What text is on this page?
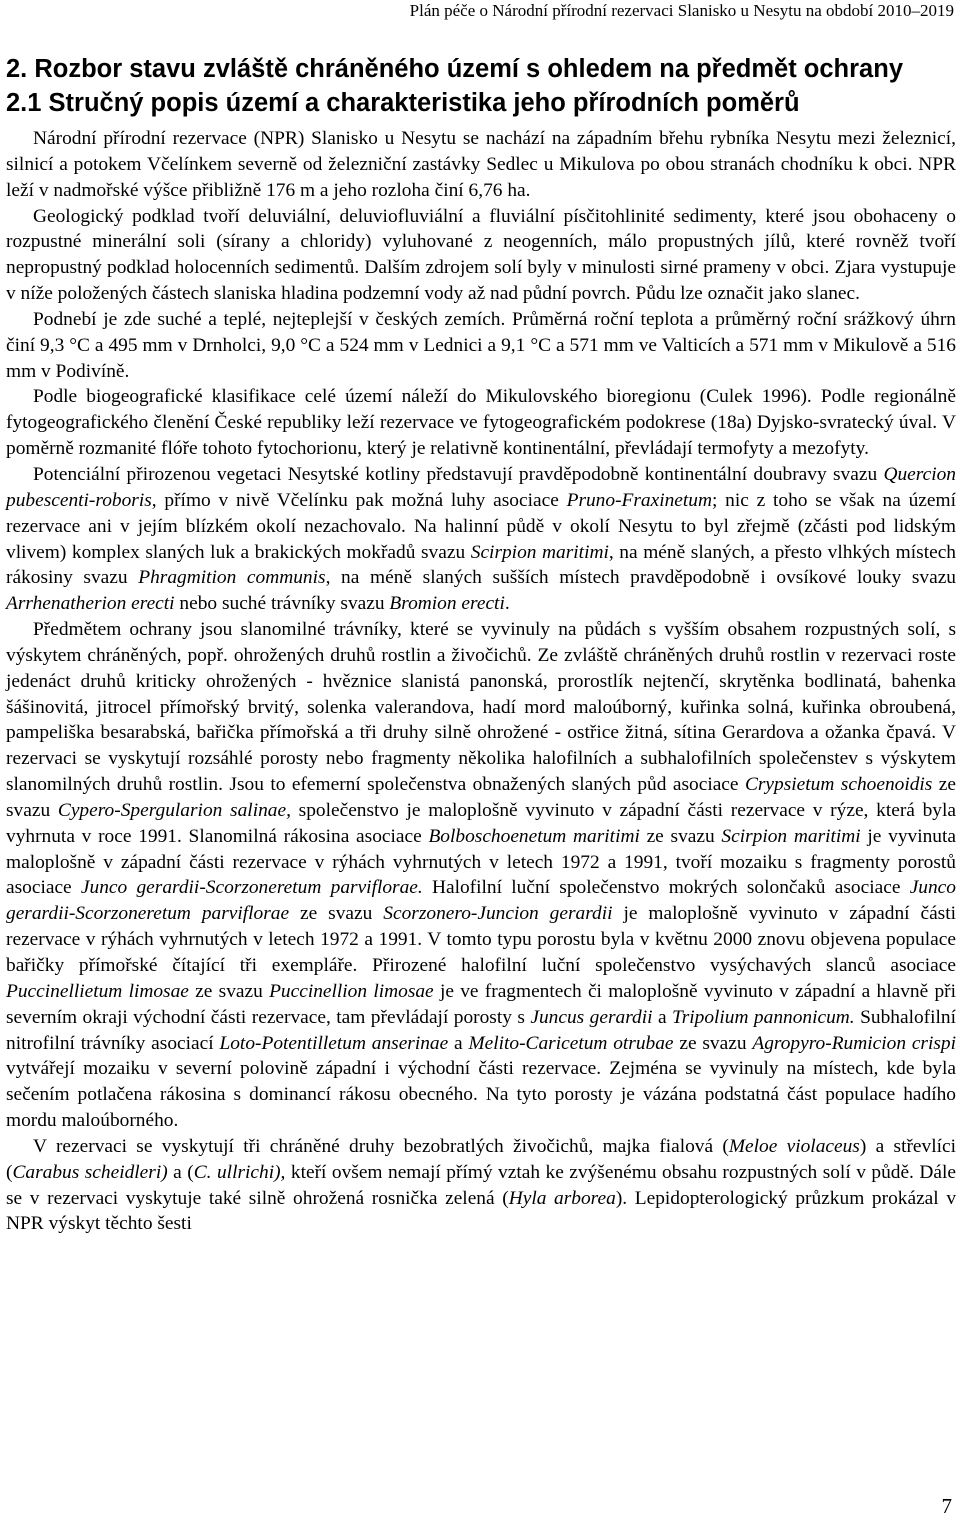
Plán péče o Národní přírodní rezervaci Slanisko u Nesytu na období 2010–2019
2. Rozbor stavu zvláště chráněného území s ohledem na předmět ochrany
2.1 Stručný popis území a charakteristika jeho přírodních poměrů

Národní přírodní rezervace (NPR) Slanisko u Nesytu se nachází na západním břehu rybníka Nesytu mezi železnicí, silnicí a potokem Včelínkem severně od železniční zastávky Sedlec u Mikulova po obou stranách chodníku k obci. NPR leží v nadmořské výšce přibližně 176 m a jeho rozloha činí 6,76 ha.

Geologický podklad tvoří deluviální, deluviofluviální a fluviální písčitohlinité sedimenty, které jsou obohaceny o rozpustné minerální soli (sírany a chloridy) vyluhované z neogenních, málo propustných jílů, které rovněž tvoří nepropustný podklad holocenních sedimentů. Dalším zdrojem solí byly v minulosti sirné prameny v obci. Zjara vystupuje v níže položených částech slaniska hladina podzemní vody až nad půdní povrch. Půdu lze označit jako slanec.

Podnebí je zde suché a teplé, nejteplejší v českých zemích. Průměrná roční teplota a průměrný roční srážkový úhrn činí 9,3 °C a 495 mm v Drnholci, 9,0 °C a 524 mm v Lednici a 9,1 °C a 571 mm ve Valticích a 571 mm v Mikulově a 516 mm v Podivíně.

Podle biogeografické klasifikace celé území náleží do Mikulovského bioregionu (Culek 1996). Podle regionálně fytogeografického členění České republiky leží rezervace ve fytogeografickém podokrese (18a) Dyjsko-svratecký úval. V poměrně rozmanité flóře tohoto fytochorionu, který je relativně kontinentální, převládají termofyty a mezofyty.

Potenciální přirozenou vegetaci Nesytské kotliny představují pravděpodobně kontinentální doubravy svazu Quercion pubescenti-roboris, přímo v nivě Včelínku pak možná luhy asociace Pruno-Fraxinetum; nic z toho se však na území rezervace ani v jejím blízkém okolí nezachovalo. Na halinní půdě v okolí Nesytu to byl zřejmě (zčásti pod lidským vlivem) komplex slaných luk a brakických mokřadů svazu Scirpion maritimi, na méně slaných, a přesto vlhkých místech rákosiny svazu Phragmition communis, na méně slaných sušších místech pravděpodobně i ovsíkové louky svazu Arrhenatherion erecti nebo suché trávníky svazu Bromion erecti.

Předmětem ochrany jsou slanomilné trávníky, které se vyvinuly na půdách s vyšším obsahem rozpustných solí, s výskytem chráněných, popř. ohrožených druhů rostlin a živočichů. Ze zvláště chráněných druhů rostlin v rezervaci roste jedenáct druhů kriticky ohrožených - hvěznice slanistá panonská, prorostlík nejtenčí, skrytěnka bodlinatá, bahenka šášinovitá, jitrocel přímořský brvitý, solenka valerandova, hadí mord maloúborný, kuřinka solná, kuřinka obroubená, pampeliška besarabská, bařička přímořská a tři druhy silně ohrožené - ostřice žitná, sítina Gerardova a ožanka čpavá. V rezervaci se vyskytují rozsáhlé porosty nebo fragmenty několika halofilních a subhalofilních společenstev s výskytem slanomilných druhů rostlin. Jsou to efemerní společenstva obnažených slaných půd asociace Crypsietum schoenoidis ze svazu Cypero-Spergularion salinae, společenstvo je maloplošně vyvinuto v západní části rezervace v rýze, která byla vyhrnuta v roce 1991. Slanomilná rákosina asociace Bolboschoenetum maritimi ze svazu Scirpion maritimi je vyvinuta maloplošně v západní části rezervace v rýhách vyhrnutých v letech 1972 a 1991, tvoří mozaiku s fragmenty porostů asociace Junco gerardii-Scorzoneretum parviflorae. Halofilní luční společenstvo mokrých solončaků asociace Junco gerardii-Scorzoneretum parviflorae ze svazu Scorzonero-Juncion gerardii je maloplošně vyvinuto v západní části rezervace v rýhách vyhrnutých v letech 1972 a 1991. V tomto typu porostu byla v květnu 2000 znovu objevena populace bařičky přímořské čítající tři exempláře. Přirozené halofilní luční společenstvo vysýchavých slanců asociace Puccinellietum limosae ze svazu Puccinellion limosae je ve fragmentech či maloplošně vyvinuto v západní a hlavně při severním okraji východní části rezervace, tam převládají porosty s Juncus gerardii a Tripolium pannonicum. Subhalofilní nitrofilní trávníky asociací Loto-Potentilletum anserinae a Melito-Caricetum otrubae ze svazu Agropyro-Rumicion crispi vytvářejí mozaiku v severní polovině západní i východní části rezervace. Zejména se vyvinuly na místech, kde byla sečením potlačena rákosina s dominancí rákosu obecného. Na tyto porosty je vázána podstatná část populace hadího mordu maloúborného.

V rezervaci se vyskytují tři chráněné druhy bezobratlých živočichů, majka fialová (Meloe violaceus) a střevlíci (Carabus scheidleri) a (C. ullrichi), kteří ovšem nemají přímý vztah ke zvýšenému obsahu rozpustných solí v půdě. Dále se v rezervaci vyskytuje také silně ohrožená rosnička zelená (Hyla arborea). Lepidopterologický průzkum prokázal v NPR výskyt těchto šesti

7
